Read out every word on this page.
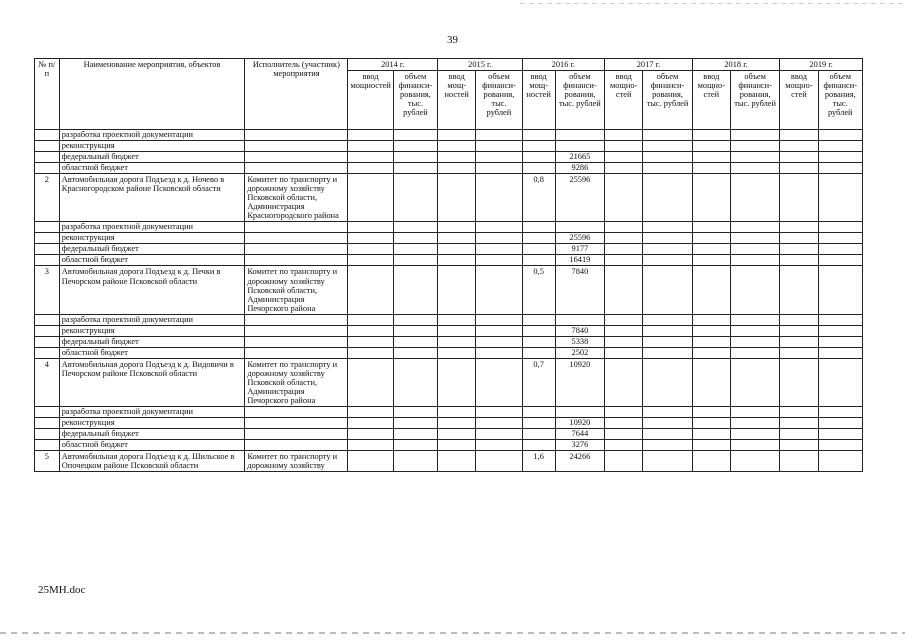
39
№ п/п	Наименование мероприятия, объектов	Исполнитель (участник) мероприятия	2014 г.		2015 г.		2016 г.		2017 г.		2018 г.		2019 г.	
			ввод мощностей	объем финанси-рования, тыс. рублей	ввод мощ-ностей	объем финанси-рования, тыс. рублей	ввод мощ-ностей	объем финанси-рования, тыс. рублей	ввод мощно-стей	объем финанси-рования, тыс. рублей	ввод мощно-стей	объем финанси-рования, тыс. рублей	ввод мощно-стей	объем финанси-рования, тыс. рублей
	разработка проектной документации													
	реконструкция													
	федеральный бюджет							21665						
	областной бюджет							9286						
2	Автомобильная дорога Подъезд к д. Ночево в Красногородском районе Псковской области	Комитет по транспорту и дорожному хозяйству Псковской области, Администрация Красногородского района					0,8	25596						
	разработка проектной документации													
	реконструкция							25596						
	федеральный бюджет							9177						
	областной бюджет							16419						
3	Автомобильная дорога Подъезд к д. Печки в Печорском районе Псковской области	Комитет по транспорту и дорожному хозяйству Псковской области, Администрация Печорского района					0,5	7840						
	разработка проектной документации													
	реконструкция							7840						
	федеральный бюджет							5338						
	областной бюджет							2502						
4	Автомобильная дорога Подъезд к д. Видовичи в Печорском районе Псковской области	Комитет по транспорту и дорожному хозяйству Псковской области, Администрация Печорского района					0,7	10920						
	разработка проектной документации													
	реконструкция							10920						
	федеральный бюджет							7644						
	областной бюджет							3276						
5	Автомобильная дорога Подъезд к д. Шильское в Опочецком районе Псковской области	Комитет по транспорту и дорожному хозяйству					1,6	24266						
25МН.doc
